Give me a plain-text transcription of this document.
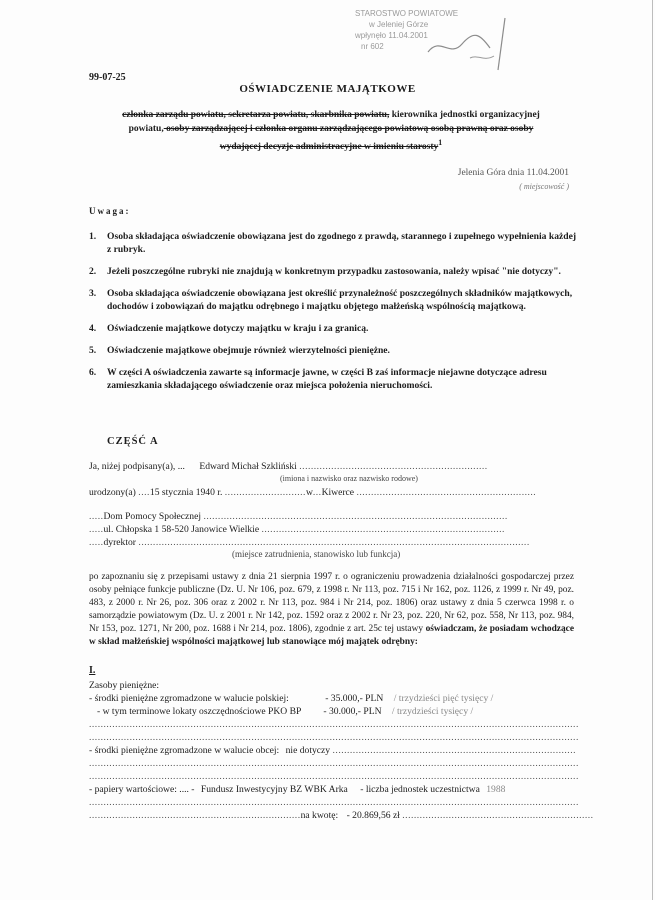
STAROSTWO POWIATOWE
w Jeleniej Górze
wpłynęło 11.04.2001
nr 602
99-07-25
OŚWIADCZENIE MAJĄTKOWE
członka zarządu powiatu, sekretarza powiatu, skarbnika powiatu, kierownika jednostki organizacyjnej
powiatu, osoby zarządzającej i członka organu zarządzającego powiatową osobą prawną oraz osoby
wydającej decyzje administracyjne w imieniu starosty$^1$
Jelenia Góra dnia 11.04.2001
( miejscowość )
Uwaga:

1. Osoba składająca oświadczenie obowiązana jest do zgodnego z prawdą, starannego i zupełnego wypełnienia każdej z rubryk.

2. Jeżeli poszczególne rubryki nie znajdują w konkretnym przypadku zastosowania, należy wpisać "nie dotyczy".

3. Osoba składająca oświadczenie obowiązana jest określić przynależność poszczególnych składników majątkowych, dochodów i zobowiązań do majątku odrębnego i majątku objętego małżeńską wspólnością majątkową.

4. Oświadczenie majątkowe dotyczy majątku w kraju i za granicą.

5. Oświadczenie majątkowe obejmuje również wierzytelności pieniężne.

6. W części A oświadczenia zawarte są informacje jawne, w części B zaś informacje niejawne dotyczące adresu zamieszkania składającego oświadczenie oraz miejsca położenia nieruchomości.

CZĘŚĆ A
Ja, niżej podpisany(a), ... Edward Michał Szkliński .................................................................
(imiona i nazwisko oraz nazwisko rodowe)
urodzony(a) ....15 stycznia 1940 r. ............................w...Kiwerce ..............................................................
.....Dom Pomocy Społecznej .........................................................................................................
.....ul. Chłopska 1 58-520 Janowice Wielkie ....................................................................................
.....dyrektor .......................................................................................................................................
(miejsce zatrudnienia, stanowisko lub funkcja)
po zapoznaniu się z przepisami ustawy z dnia 21 sierpnia 1997 r. o ograniczeniu prowadzenia działalności gospodarczej przez osoby pełniące funkcje publiczne (Dz. U. Nr 106, poz. 679, z 1998 r. Nr 113, poz. 715 i Nr 162, poz. 1126, z 1999 r. Nr 49, poz. 483, z 2000 r. Nr 26, poz. 306 oraz z 2002 r. Nr 113, poz. 984 i Nr 214, poz. 1806) oraz ustawy z dnia 5 czerwca 1998 r. o samorządzie powiatowym (Dz. U. z 2001 r. Nr 142, poz. 1592 oraz z 2002 r. Nr 23, poz. 220, Nr 62, poz. 558, Nr 113, poz. 984, Nr 153, poz. 1271, Nr 200, poz. 1688 i Nr 214, poz. 1806), zgodnie z art. 25c tej ustawy oświadczam, że posiadam wchodzące w skład małżeńskiej wspólności majątkowej lub stanowiące mój majątek odrębny:
I.
Zasoby pieniężne:
- środki pieniężne zgromadzone w walucie polskiej:	- 35.000,- PLN / trzydzieści pięć tysięcy /
- w tym terminowe lokaty oszczędnościowe PKO BP - 30.000,- PLN / trzydzieści tysięcy /
.........................................................................................................................................................................
.........................................................................................................................................................................
- środki pieniężne zgromadzone w walucie obcej: nie dotyczy ....................................................................................
.........................................................................................................................................................................
.........................................................................................................................................................................
- papiery wartościowe: .... - Fundusz Inwestycyjny BZ WBK Arka - liczba jednostek uczestnictwa 1988
.........................................................................................................................................................................
.........................................................................na kwotę: - 20.869,56 zł ..................................................................
